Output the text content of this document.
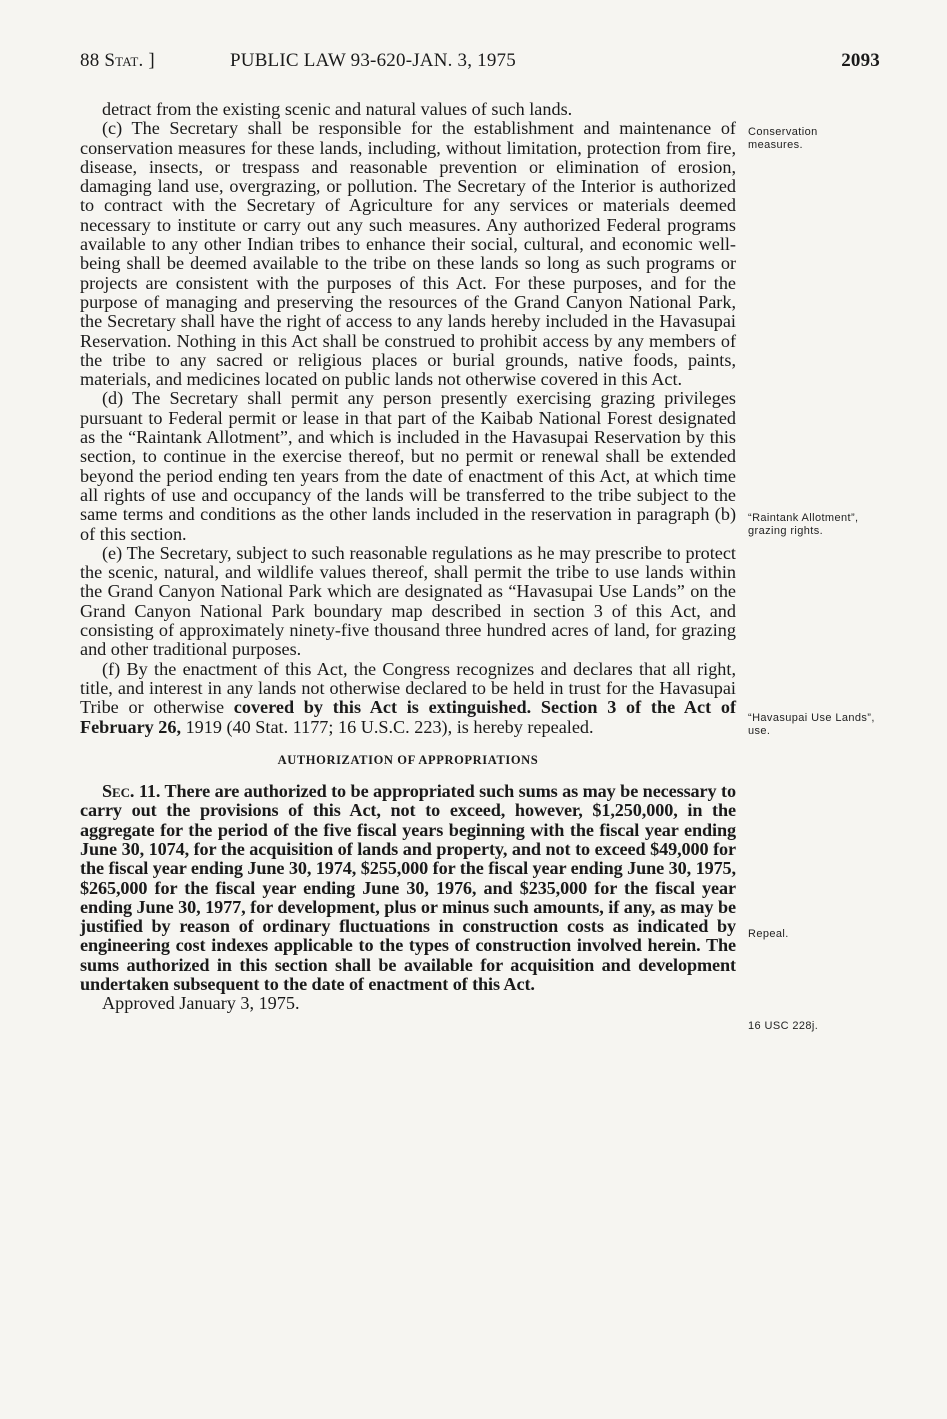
88 Stat. ]	PUBLIC LAW 93-620-JAN. 3, 1975	2093

detract from the existing scenic and natural values of such lands.

(c) The Secretary shall be responsible for the establishment and maintenance of conservation measures for these lands, including, without limitation, protection from fire, disease, insects, or trespass and reasonable prevention or elimination of erosion, damaging land use, overgrazing, or pollution. The Secretary of the Interior is authorized to contract with the Secretary of Agriculture for any services or materials deemed necessary to institute or carry out any such measures. Any authorized Federal programs available to any other Indian tribes to enhance their social, cultural, and economic well-being shall be deemed available to the tribe on these lands so long as such programs or projects are consistent with the purposes of this Act. For these purposes, and for the purpose of managing and preserving the resources of the Grand Canyon National Park, the Secretary shall have the right of access to any lands hereby included in the Havasupai Reservation. Nothing in this Act shall be construed to prohibit access by any members of the tribe to any sacred or religious places or burial grounds, native foods, paints, materials, and medicines located on public lands not otherwise covered in this Act.

(d) The Secretary shall permit any person presently exercising grazing privileges pursuant to Federal permit or lease in that part of the Kaibab National Forest designated as the “Raintank Allotment”, and which is included in the Havasupai Reservation by this section, to continue in the exercise thereof, but no permit or renewal shall be extended beyond the period ending ten years from the date of enactment of this Act, at which time all rights of use and occupancy of the lands will be transferred to the tribe subject to the same terms and conditions as the other lands included in the reservation in paragraph (b) of this section.

(e) The Secretary, subject to such reasonable regulations as he may prescribe to protect the scenic, natural, and wildlife values thereof, shall permit the tribe to use lands within the Grand Canyon National Park which are designated as “Havasupai Use Lands” on the Grand Canyon National Park boundary map described in section 3 of this Act, and consisting of approximately ninety-five thousand three hundred acres of land, for grazing and other traditional purposes.

(f) By the enactment of this Act, the Congress recognizes and declares that all right, title, and interest in any lands not otherwise declared to be held in trust for the Havasupai Tribe or otherwise covered by this Act is extinguished. Section 3 of the Act of February 26, 1919 (40 Stat. 1177; 16 U.S.C. 223), is hereby repealed.

AUTHORIZATION OF APPROPRIATIONS

Sec. 11. There are authorized to be appropriated such sums as may be necessary to carry out the provisions of this Act, not to exceed, however, $1,250,000, in the aggregate for the period of the five fiscal years beginning with the fiscal year ending June 30, 1074, for the acquisition of lands and property, and not to exceed $49,000 for the fiscal year ending June 30, 1974, $255,000 for the fiscal year ending June 30, 1975, $265,000 for the fiscal year ending June 30, 1976, and $235,000 for the fiscal year ending June 30, 1977, for development, plus or minus such amounts, if any, as may be justified by reason of ordinary fluctuations in construction costs as indicated by engineering cost indexes applicable to the types of construction involved herein. The sums authorized in this section shall be available for acquisition and development undertaken subsequent to the date of enactment of this Act.

Approved January 3, 1975.

Conservation measures.
“Raintank Allotment”, grazing rights.
“Havasupai Use Lands”, use.
Repeal.
16 USC 228j.
